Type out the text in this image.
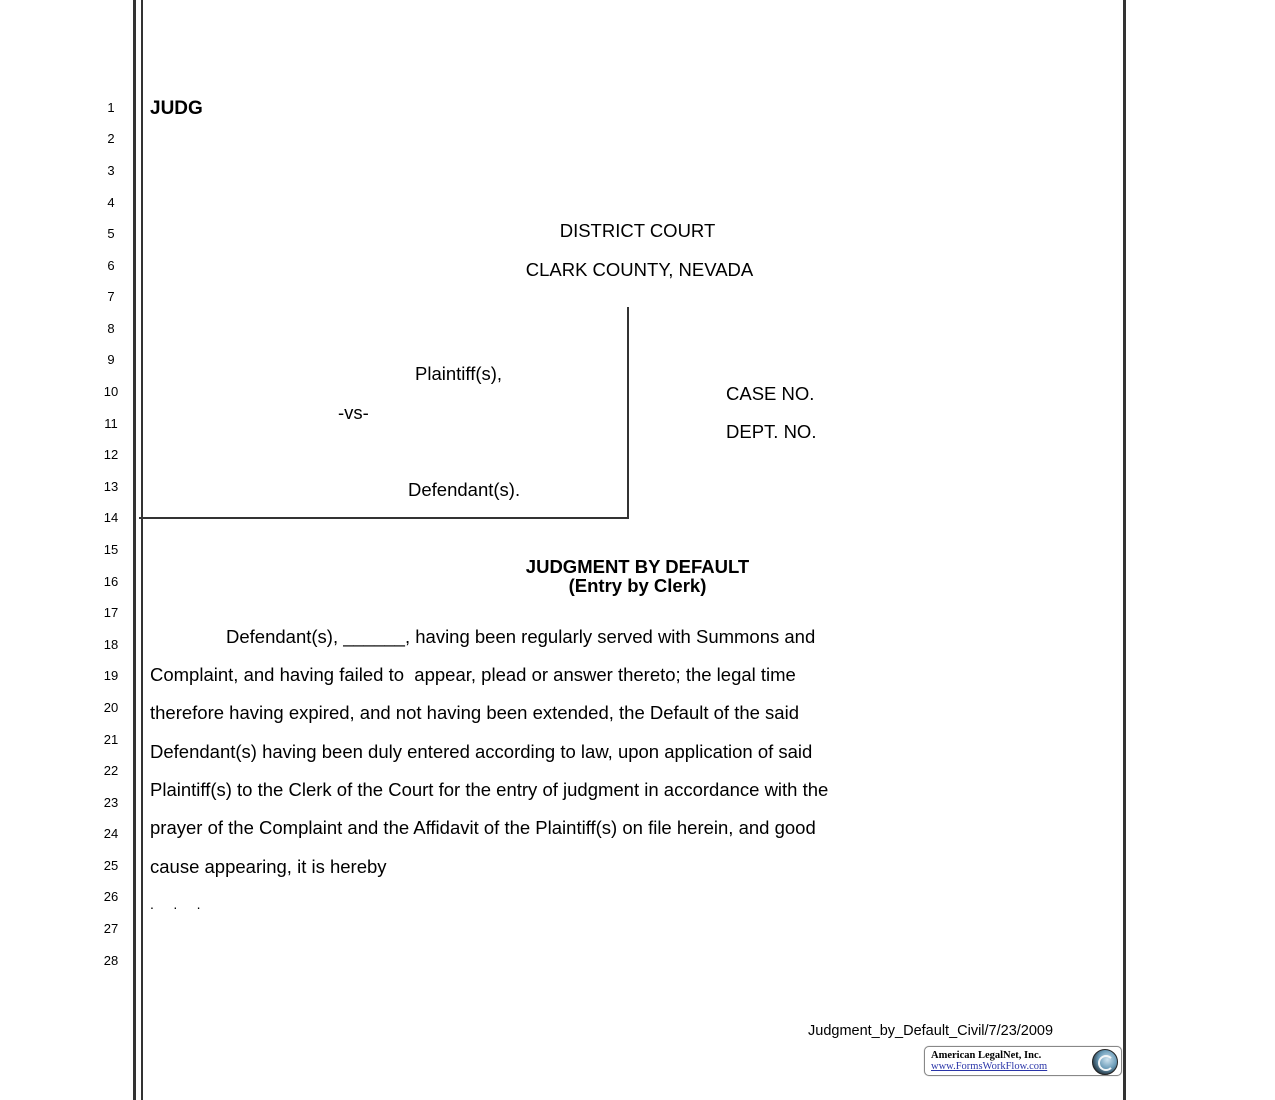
1
2
3
4
5
6
7
8
9
10
11
12
13
14
15
16
17
18
19
20
21
22
23
24
25
26
27
28
JUDG
DISTRICT COURT
CLARK COUNTY, NEVADA
Plaintiff(s),
-vs-
Defendant(s).
CASE NO.
DEPT. NO.
JUDGMENT BY DEFAULT
(Entry by Clerk)
Defendant(s), ______, having been regularly served with Summons and
Complaint, and having failed to  appear, plead or answer thereto; the legal time
therefore having expired, and not having been extended, the Default of the said
Defendant(s) having been duly entered according to law, upon application of said
Plaintiff(s) to the Clerk of the Court for the entry of judgment in accordance with the
prayer of the Complaint and the Affidavit of the Plaintiff(s) on file herein, and good
cause appearing, it is hereby
.     .     .
Judgment_by_Default_Civil/7/23/2009
American LegalNet, Inc.
www.FormsWorkFlow.com
